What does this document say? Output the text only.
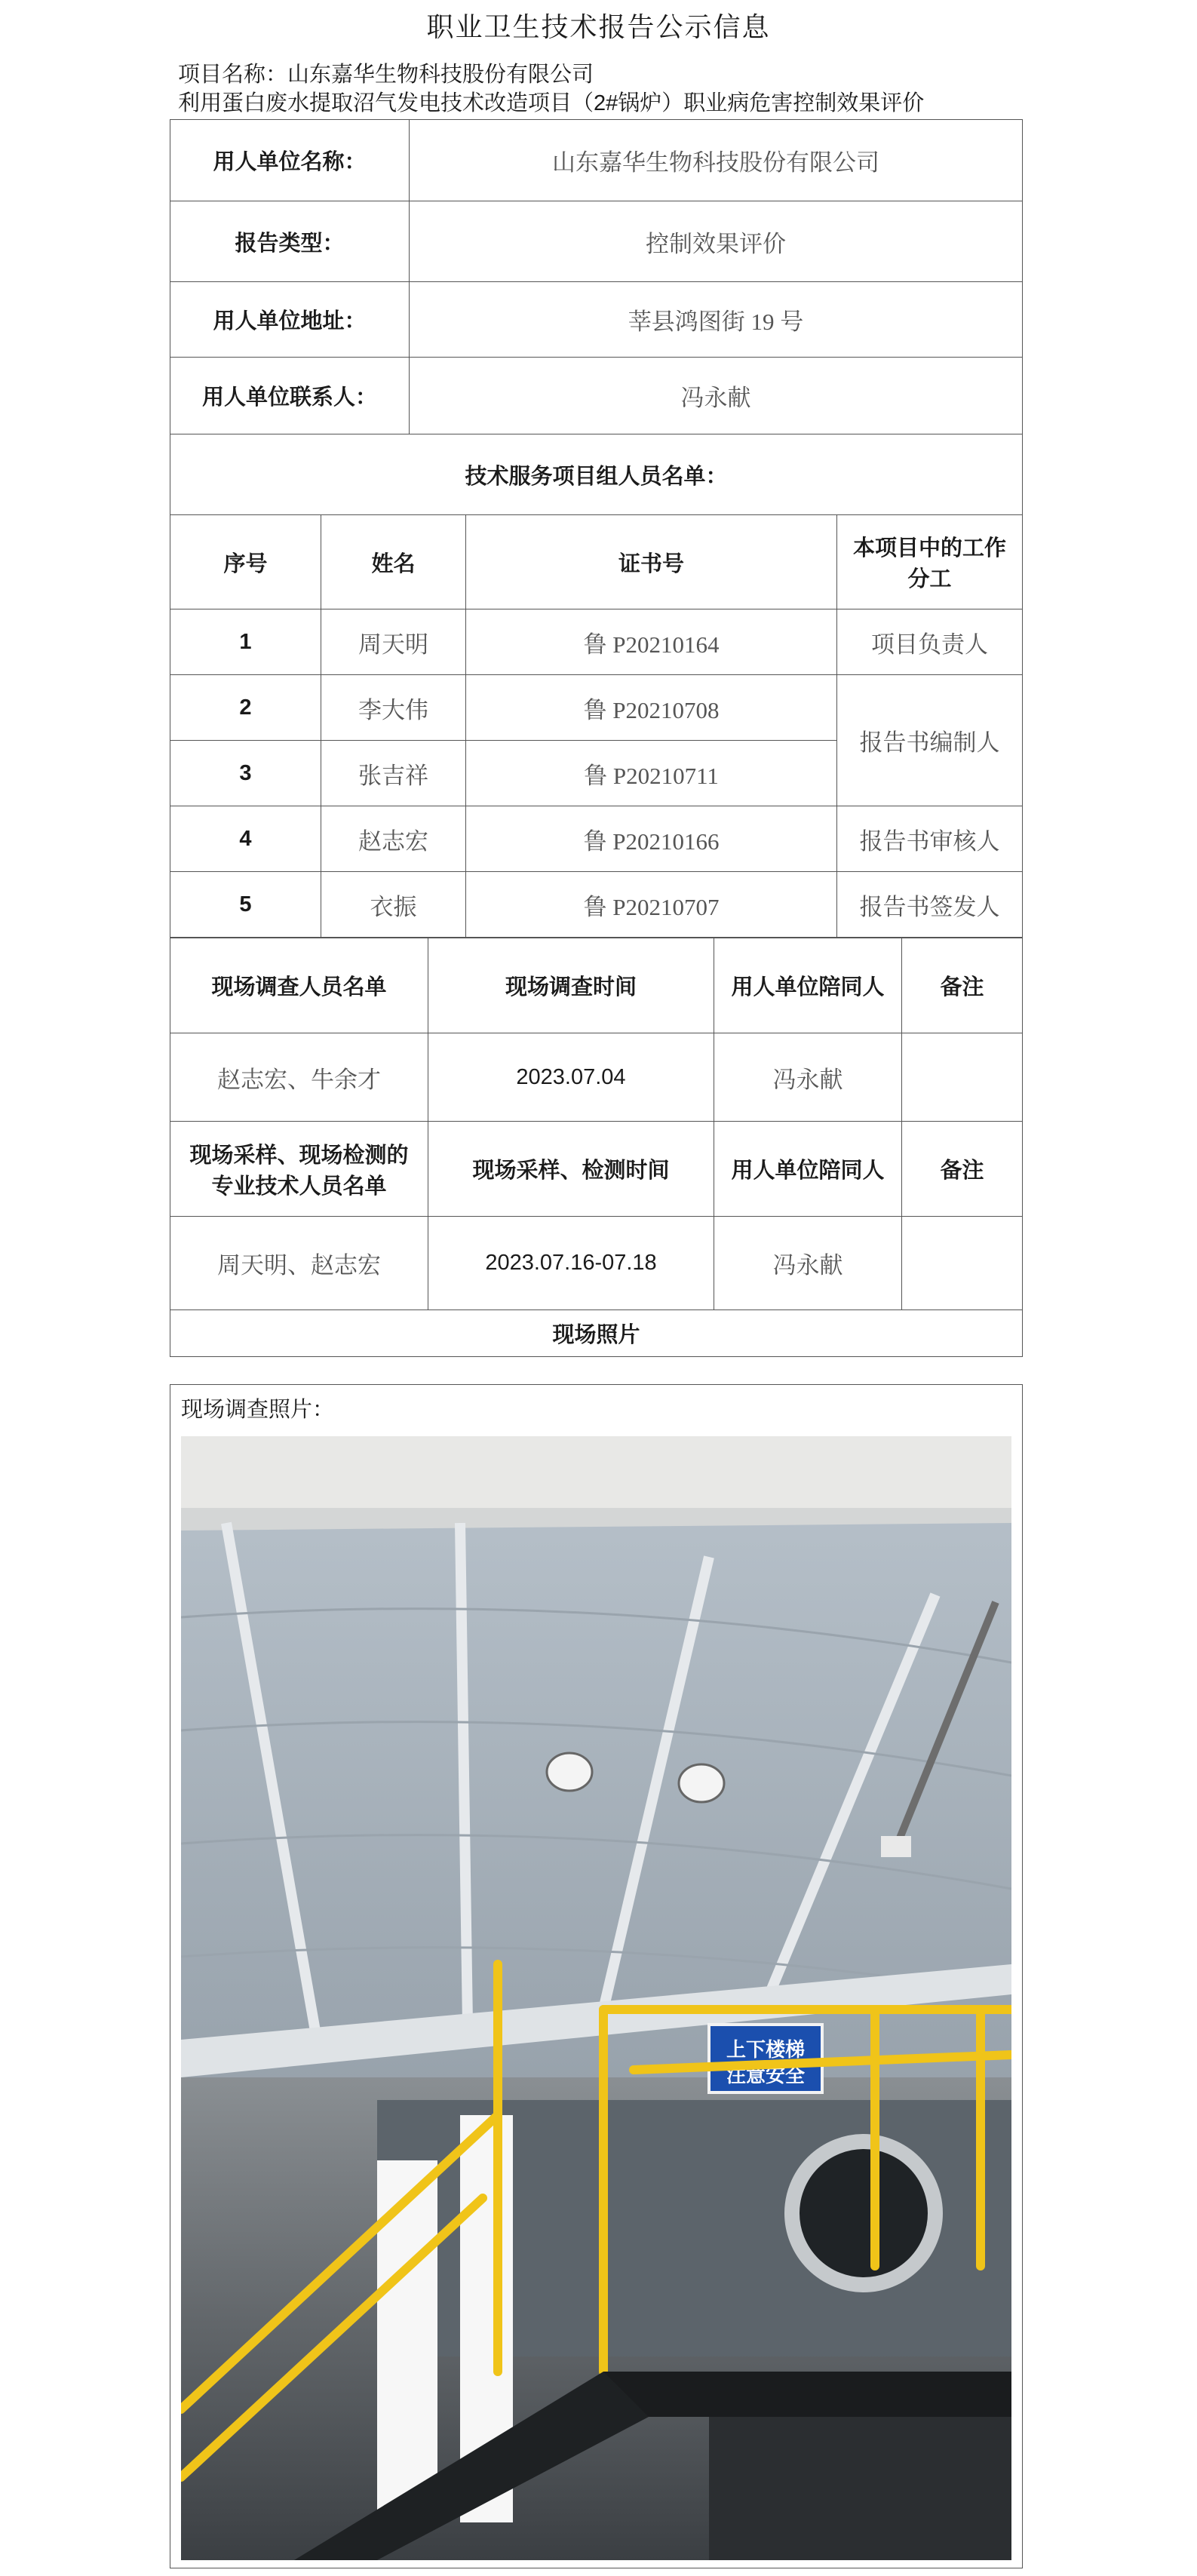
职业卫生技术报告公示信息
项目名称：山东嘉华生物科技股份有限公司
利用蛋白废水提取沼气发电技术改造项目（2#锅炉）职业病危害控制效果评价
用人单位名称：	山东嘉华生物科技股份有限公司
报告类型：	控制效果评价
用人单位地址：	莘县鸿图街 19 号
用人单位联系人：	冯永献
技术服务项目组人员名单：	
序号	姓名	证书号	本项目中的工作分工
1	周天明	鲁 P20210164	项目负责人
2	李大伟	鲁 P20210708	报告书编制人
3	张吉祥	鲁 P20210711	
4	赵志宏	鲁 P20210166	报告书审核人
5	衣振	鲁 P20210707	报告书签发人
现场调查人员名单	现场调查时间	用人单位陪同人	备注
赵志宏、牛余才	2023.07.04	冯永献	
现场采样、现场检测的专业技术人员名单	现场采样、检测时间	用人单位陪同人	备注
周天明、赵志宏	2023.07.16-07.18	冯永献	
现场照片			
现场调查照片：
上下楼梯
注意安全
